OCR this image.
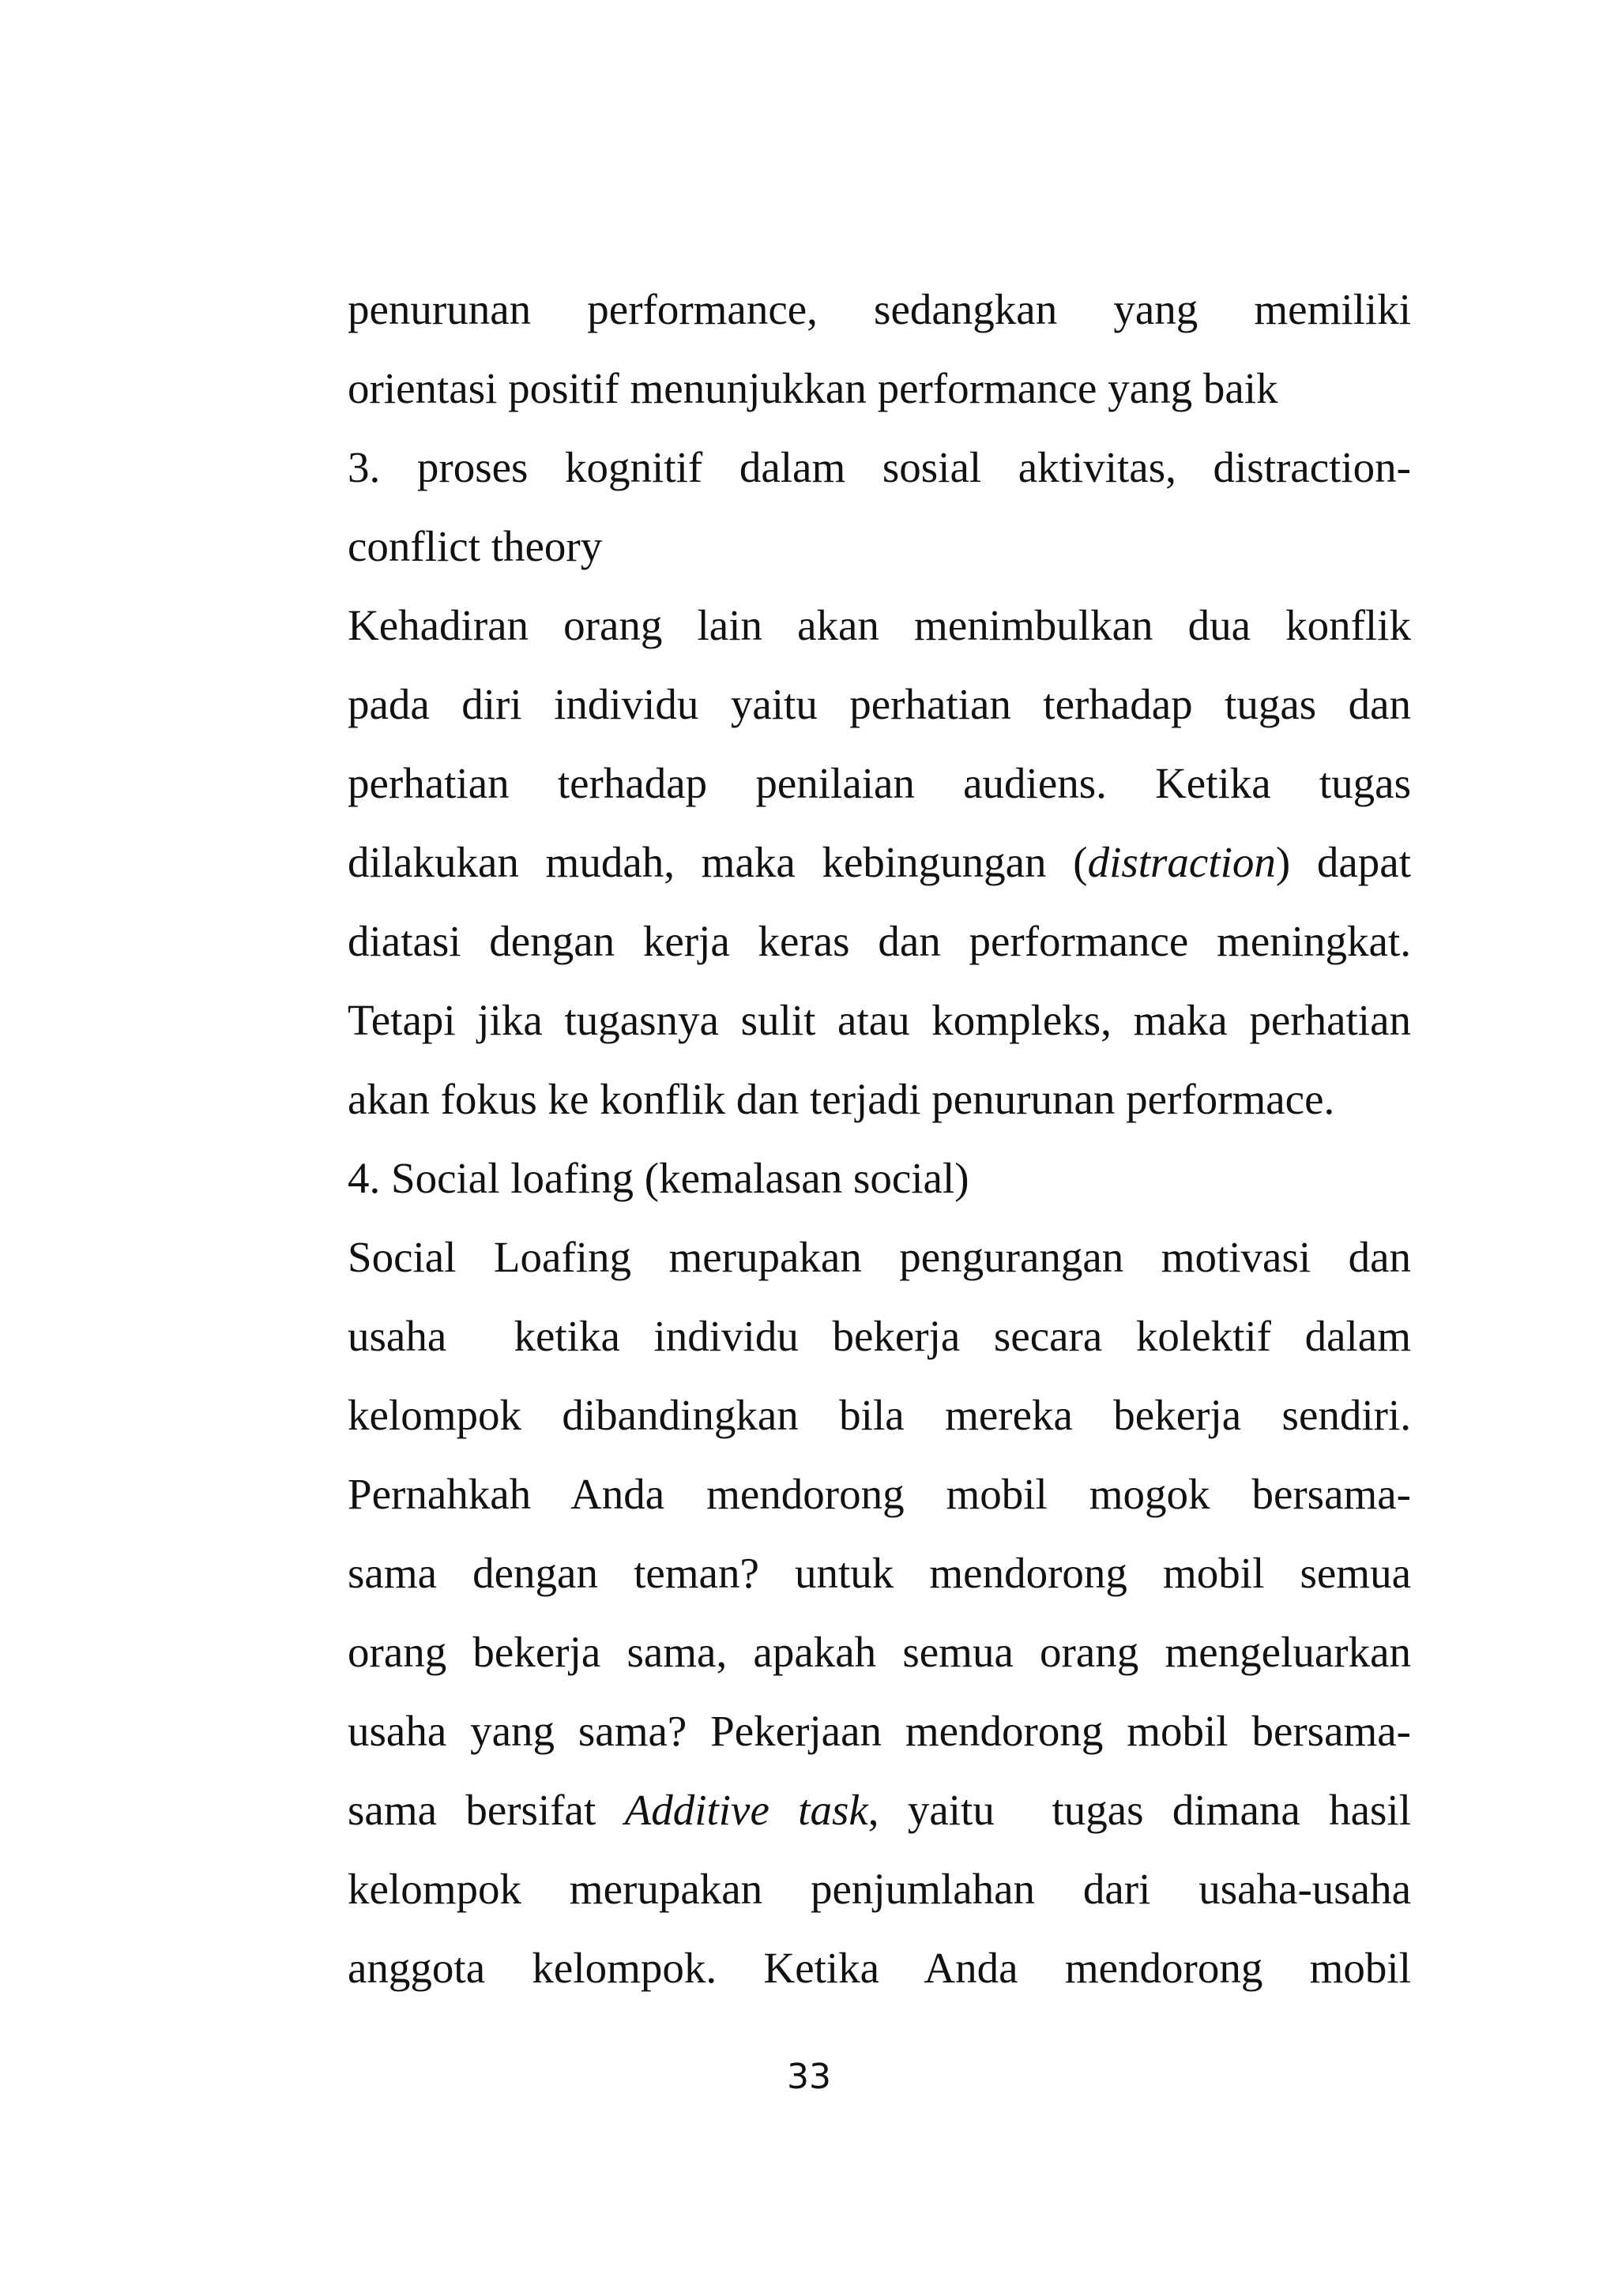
penurunan performance, sedangkan yang memiliki

orientasi positif menunjukkan performance yang baik

3. proses kognitif dalam sosial aktivitas, distraction-

conflict theory

Kehadiran orang lain akan menimbulkan dua konflik

pada diri individu yaitu perhatian terhadap tugas dan

perhatian terhadap penilaian audiens. Ketika tugas

dilakukan mudah, maka kebingungan (distraction) dapat

diatasi dengan kerja keras dan performance meningkat.

Tetapi jika tugasnya sulit atau kompleks, maka perhatian

akan fokus ke konflik dan terjadi penurunan performace.

4. Social loafing (kemalasan social)

Social Loafing merupakan pengurangan motivasi dan

usaha  ketika individu bekerja secara kolektif dalam

kelompok dibandingkan bila mereka bekerja sendiri.

Pernahkah Anda mendorong mobil mogok bersama-

sama dengan teman? untuk mendorong mobil semua

orang bekerja sama, apakah semua orang mengeluarkan

usaha yang sama? Pekerjaan mendorong mobil bersama-

sama bersifat Additive task, yaitu  tugas dimana hasil

kelompok merupakan penjumlahan dari usaha-usaha

anggota kelompok. Ketika Anda mendorong mobil

33
